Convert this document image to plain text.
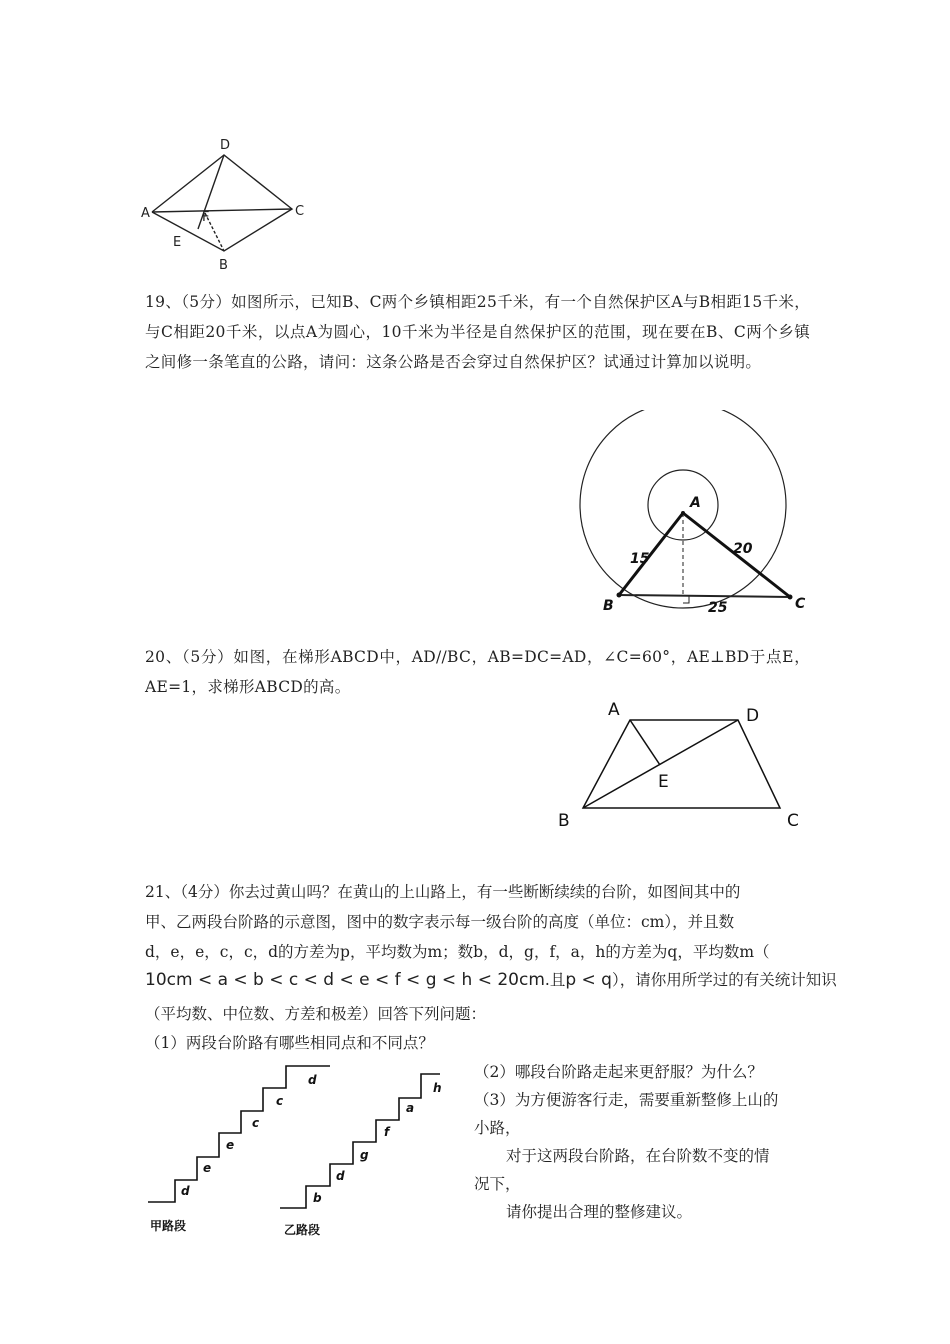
D
A	C
F
E
B
19、（5分）如图所示，已知B、C两个乡镇相距25千米，有一个自然保护区A与B相距15千米，与C相距20千米，以点A为圆心，10千米为半径是自然保护区的范围，现在要在B、C两个乡镇之间修一条笔直的公路，请问：这条公路是否会穿过自然保护区？试通过计算加以说明。
A
B	C
15
20
25
20、（5分）如图，在梯形ABCD中，AD//BC，AB=DC=AD，∠C=60°，AE⊥BD于点E，AE=1，求梯形ABCD的高。
A	D
E
B	C
21、（4分）你去过黄山吗？在黄山的上山路上，有一些断断续续的台阶，如图间其中的
甲、乙两段台阶路的示意图，图中的数字表示每一级台阶的高度（单位：cm），并且数
d，e，e，c，c，d的方差为p，平均数为m；数b，d，g，f，a，h的方差为q，平均数m（
10cm < a < b < c < d < e < f < g < h < 20cm.且p < q），请你用所学过的有关统计知识
（平均数、中位数、方差和极差）回答下列问题：
（1）两段台阶路有哪些相同点和不同点？
（2）哪段台阶路走起来更舒服？为什么？
（3）为方便游客行走，需要重新整修上山的
小路，
对于这两段台阶路，在台阶数不变的情
况下，
请你提出合理的整修建议。
d
e
e
c
c
d
b
d
g
f
a
h
甲路段	乙路段
